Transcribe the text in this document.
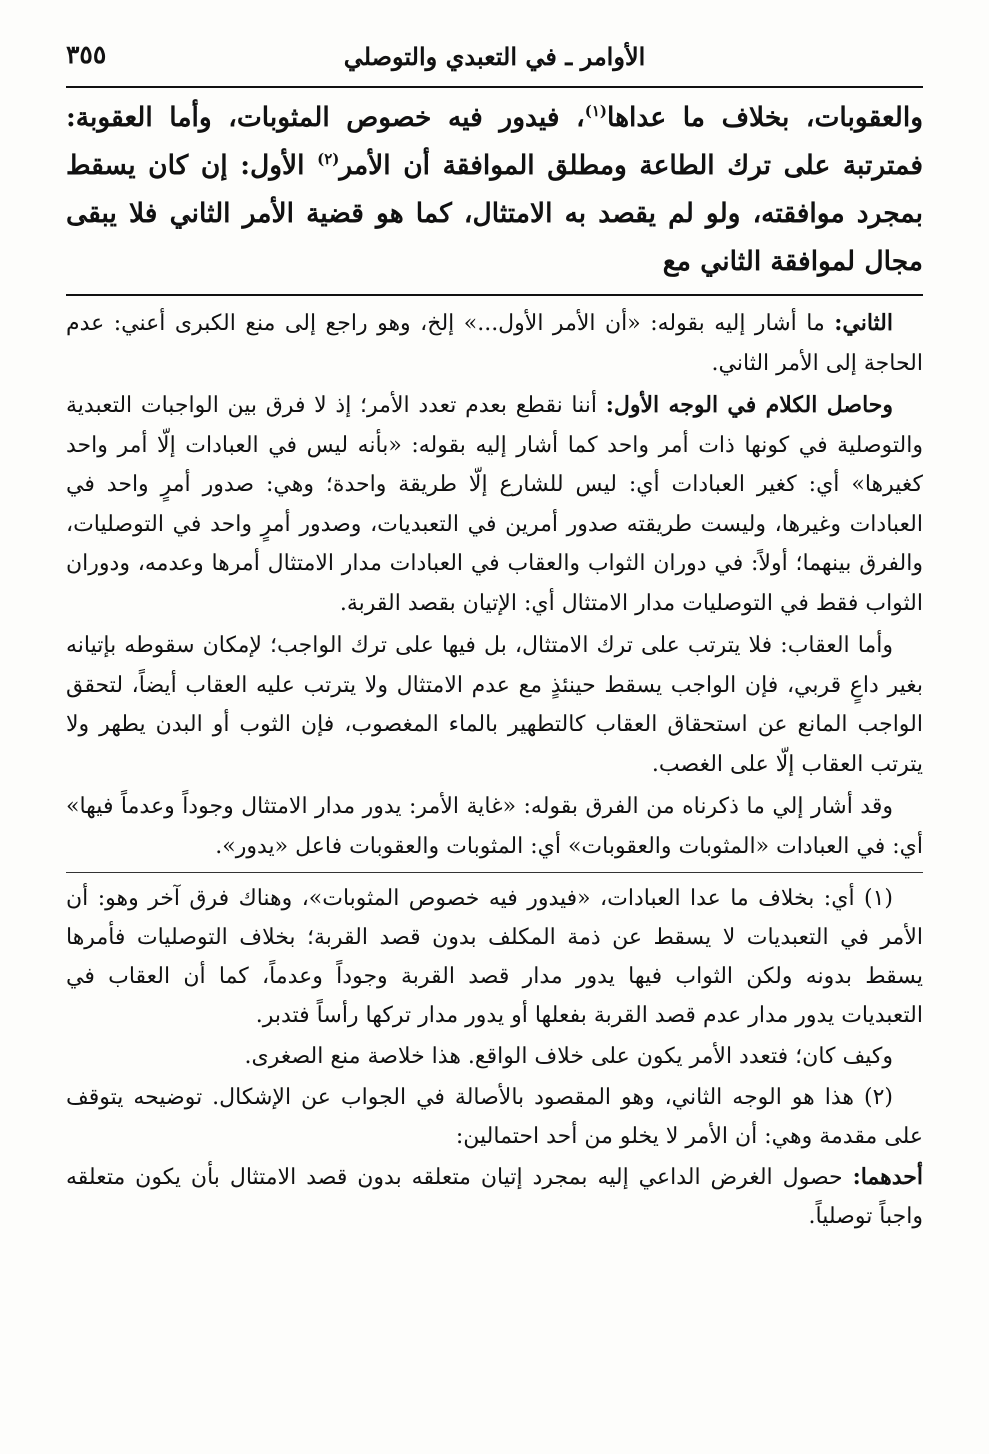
الأوامر ـ في التعبدي والتوصلي
٣٥٥
والعقوبات، بخلاف ما عداها$^{(١)}$، فيدور فيه خصوص المثوبات، وأما العقوبة: فمترتبة على ترك الطاعة ومطلق الموافقة أن الأمر$^{(٢)}$ الأول: إن كان يسقط بمجرد موافقته، ولو لم يقصد به الامتثال، كما هو قضية الأمر الثاني فلا يبقى مجال لموافقة الثاني مع

الثاني: ما أشار إليه بقوله: «أن الأمر الأول...» إلخ، وهو راجع إلى منع الكبرى أعني: عدم الحاجة إلى الأمر الثاني.

وحاصل الكلام في الوجه الأول: أننا نقطع بعدم تعدد الأمر؛ إذ لا فرق بين الواجبات التعبدية والتوصلية في كونها ذات أمر واحد كما أشار إليه بقوله: «بأنه ليس في العبادات إلّا أمر واحد كغيرها» أي: كغير العبادات أي: ليس للشارع إلّا طريقة واحدة؛ وهي: صدور أمرٍ واحد في العبادات وغيرها، وليست طريقته صدور أمرين في التعبديات، وصدور أمرٍ واحد في التوصليات، والفرق بينهما؛ أولاً: في دوران الثواب والعقاب في العبادات مدار الامتثال أمرها وعدمه، ودوران الثواب فقط في التوصليات مدار الامتثال أي: الإتيان بقصد القربة.

وأما العقاب: فلا يترتب على ترك الامتثال، بل فيها على ترك الواجب؛ لإمكان سقوطه بإتيانه بغير داعٍ قربي، فإن الواجب يسقط حينئذٍ مع عدم الامتثال ولا يترتب عليه العقاب أيضاً، لتحقق الواجب المانع عن استحقاق العقاب كالتطهير بالماء المغصوب، فإن الثوب أو البدن يطهر ولا يترتب العقاب إلّا على الغصب.

وقد أشار إلي ما ذكرناه من الفرق بقوله: «غاية الأمر: يدور مدار الامتثال وجوداً وعدماً فيها» أي: في العبادات «المثوبات والعقوبات» أي: المثوبات والعقوبات فاعل «يدور».

(١) أي: بخلاف ما عدا العبادات، «فيدور فيه خصوص المثوبات»، وهناك فرق آخر وهو: أن الأمر في التعبديات لا يسقط عن ذمة المكلف بدون قصد القربة؛ بخلاف التوصليات فأمرها يسقط بدونه ولكن الثواب فيها يدور مدار قصد القربة وجوداً وعدماً، كما أن العقاب في التعبديات يدور مدار عدم قصد القربة بفعلها أو يدور مدار تركها رأساً فتدبر.

وكيف كان؛ فتعدد الأمر يكون على خلاف الواقع. هذا خلاصة منع الصغرى.

(٢) هذا هو الوجه الثاني، وهو المقصود بالأصالة في الجواب عن الإشكال. توضيحه يتوقف على مقدمة وهي: أن الأمر لا يخلو من أحد احتمالين:

أحدهما: حصول الغرض الداعي إليه بمجرد إتيان متعلقه بدون قصد الامتثال بأن يكون متعلقه واجباً توصلياً.
